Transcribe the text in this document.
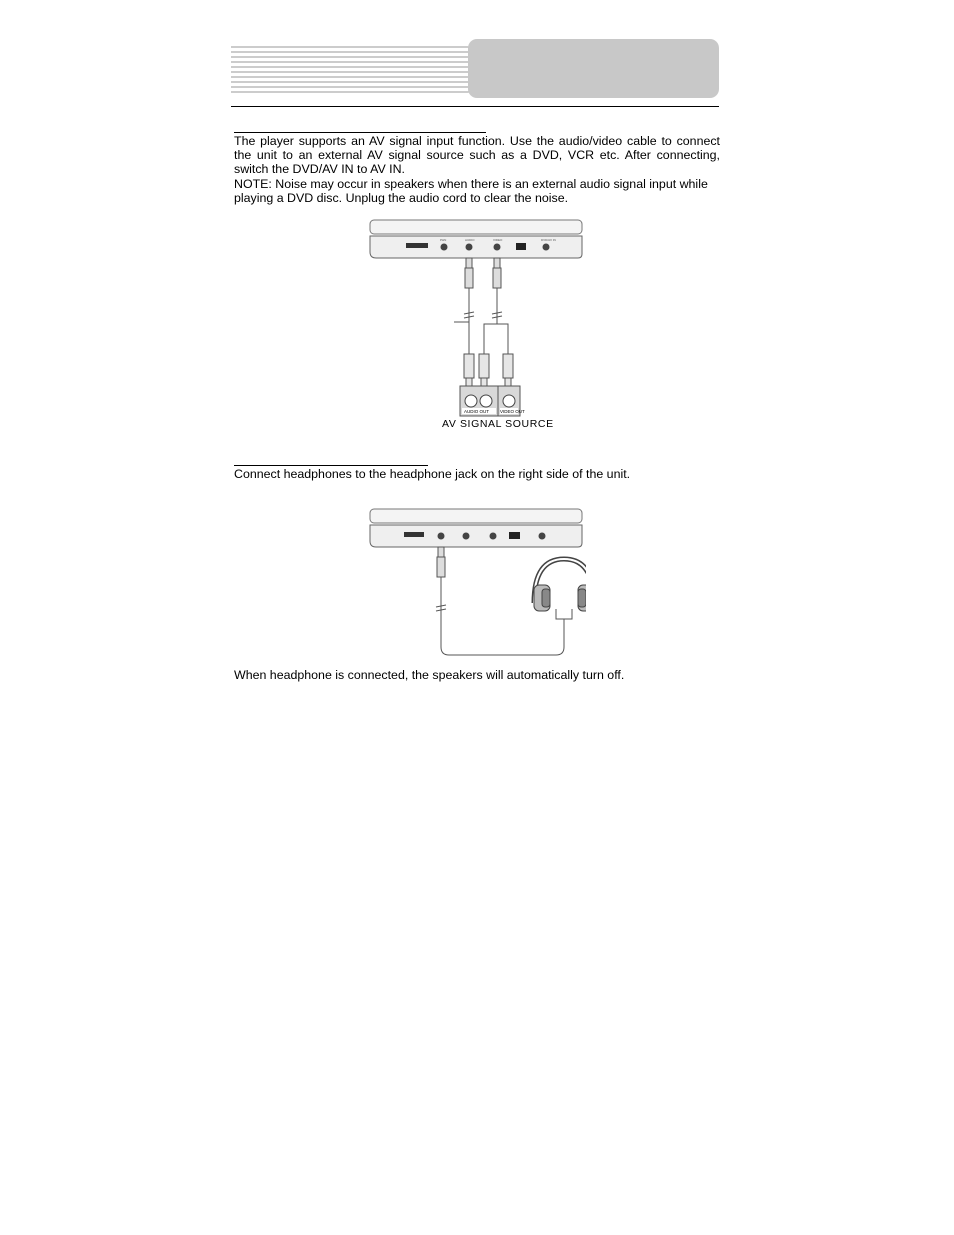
The player supports an AV signal input function. Use the audio/video cable to connect the unit to an external AV signal source such as a DVD, VCR etc. After connecting, switch the DVD/AV IN to AV IN.

NOTE: Noise may occur in speakers when there is an external audio signal input while playing a DVD disc. Unplug the audio cord to clear the noise.

PHN	AUDIO	VIDEO	DVD/AV IN
AUDIO OUT VIDEO OUT
AV SIGNAL SOURCE

Connect headphones to the headphone jack on the right side of the unit.

When headphone is connected, the speakers will automatically turn off.
